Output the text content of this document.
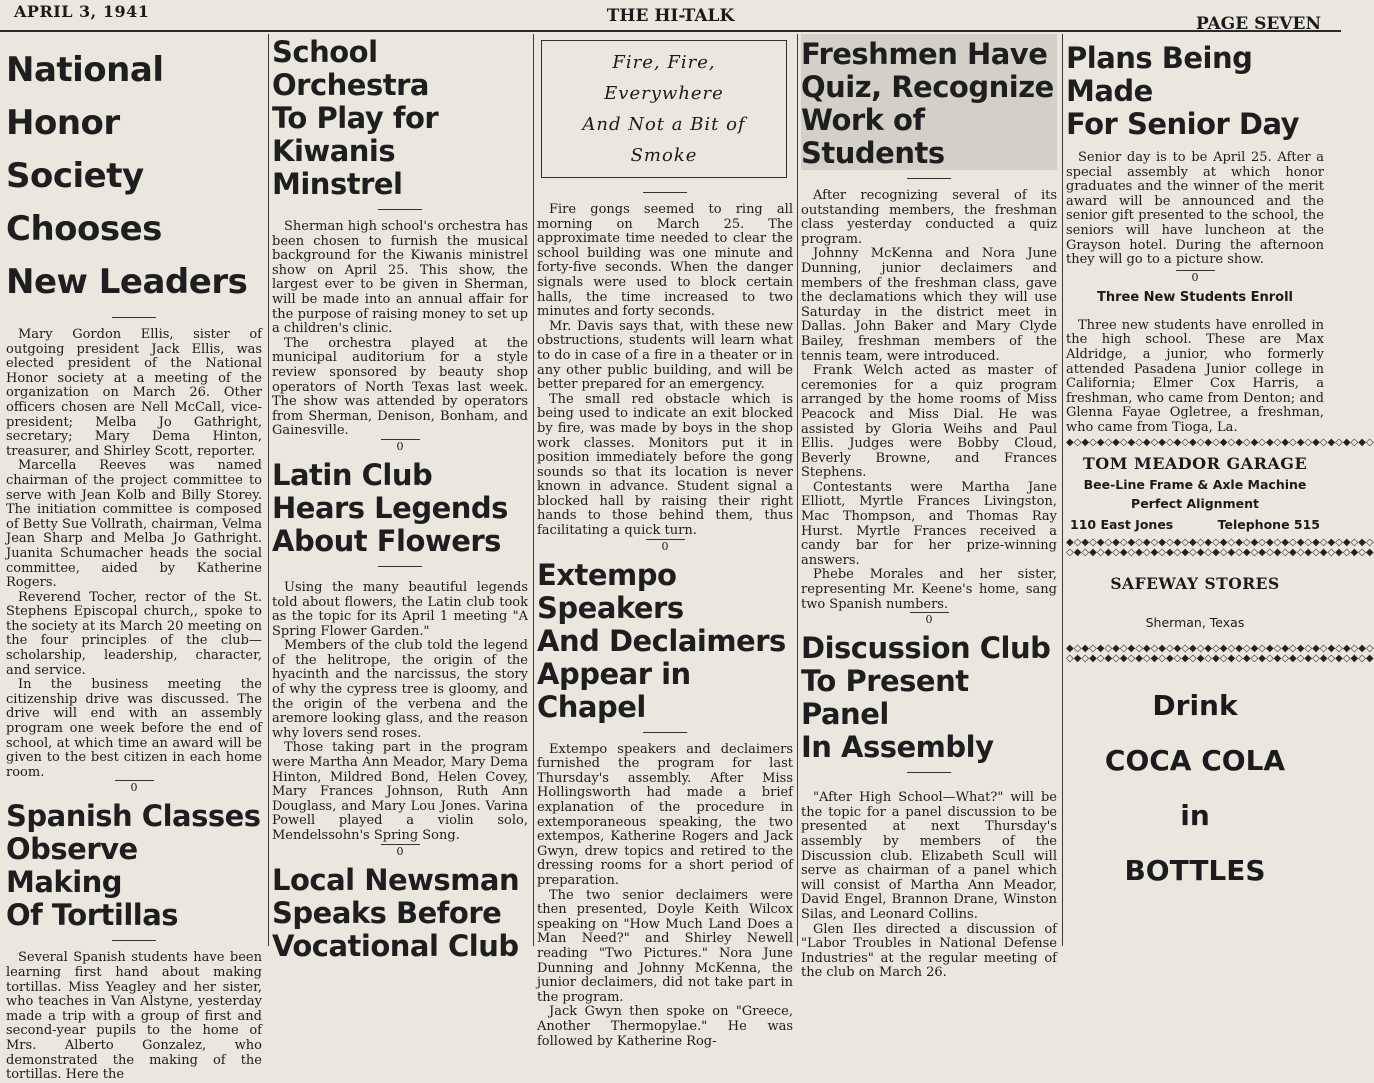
APRIL 3, 1941	THE HI-TALK	PAGE SEVEN
National Honor
Society Chooses
New Leaders

Mary Gordon Ellis, sister of outgoing president Jack Ellis, was elected president of the National Honor society at a meeting of the organization on March 26. Other officers chosen are Nell McCall, vice-president; Melba Jo Gathright, secretary; Mary Dema Hinton, treasurer, and Shirley Scott, reporter.

Marcella Reeves was named chairman of the project committee to serve with Jean Kolb and Billy Storey. The initiation committee is composed of Betty Sue Vollrath, chairman, Velma Jean Sharp and Melba Jo Gathright. Juanita Schumacher heads the social committee, aided by Katherine Rogers.

Reverend Tocher, rector of the St. Stephens Episcopal church,, spoke to the society at its March 20 meeting on the four principles of the club—scholarship, leadership, character, and service.

In the business meeting the citizenship drive was discussed. The drive will end with an assembly program one week before the end of school, at which time an award will be given to the best citizen in each home room.

0
Spanish Classes
Observe Making
Of Tortillas

Several Spanish students have been learning first hand about making tortillas. Miss Yeagley and her sister, who teaches in Van Alstyne, yesterday made a trip with a group of first and second-year pupils to the home of Mrs. Alberto Gonzalez, who demonstrated the making of the tortillas. Here the

School Orchestra
To Play for
Kiwanis Minstrel

Sherman high school's orchestra has been chosen to furnish the musical background for the Kiwanis ministrel show on April 25. This show, the largest ever to be given in Sherman, will be made into an annual affair for the purpose of raising money to set up a children's clinic.

The orchestra played at the municipal auditorium for a style review sponsored by beauty shop operators of North Texas last week. The show was attended by operators from Sherman, Denison, Bonham, and Gainesville.

0
Latin Club
Hears Legends
About Flowers

Using the many beautiful legends told about flowers, the Latin club took as the topic for its April 1 meeting "A Spring Flower Garden."

Members of the club told the legend of the helitrope, the origin of the hyacinth and the narcissus, the story of why the cypress tree is gloomy, and the origin of the verbena and the aremore looking glass, and the reason why lovers send roses.

Those taking part in the program were Martha Ann Meador, Mary Dema Hinton, Mildred Bond, Helen Covey, Mary Frances Johnson, Ruth Ann Douglass, and Mary Lou Jones. Varina Powell played a violin solo, Mendelssohn's Spring Song.

0
Local Newsman
Speaks Before
Vocational Club
Fire, Fire, Everywhere
And Not a Bit of Smoke

Fire gongs seemed to ring all morning on March 25. The approximate time needed to clear the school building was one minute and forty-five seconds. When the danger signals were used to block certain halls, the time increased to two minutes and forty seconds.

Mr. Davis says that, with these new obstructions, students will learn what to do in case of a fire in a theater or in any other public building, and will be better prepared for an emergency.

The small red obstacle which is being used to indicate an exit blocked by fire, was made by boys in the shop work classes. Monitors put it in position immediately before the gong sounds so that its location is never known in advance. Student signal a blocked hall by raising their right hands to those behind them, thus facilitating a quick turn.

0
Extempo Speakers
And Declaimers
Appear in Chapel

Extempo speakers and declaimers furnished the program for last Thursday's assembly. After Miss Hollingsworth had made a brief explanation of the procedure in extemporaneous speaking, the two extempos, Katherine Rogers and Jack Gwyn, drew topics and retired to the dressing rooms for a short period of preparation.

The two senior declaimers were then presented, Doyle Keith Wilcox speaking on "How Much Land Does a Man Need?" and Shirley Newell reading "Two Pictures." Nora June Dunning and Johnny McKenna, the junior declaimers, did not take part in the program.

Jack Gwyn then spoke on "Greece, Another Thermopylae." He was followed by Katherine Rog-

Freshmen Have
Quiz, Recognize
Work of Students

After recognizing several of its outstanding members, the freshman class yesterday conducted a quiz program.

Johnny McKenna and Nora June Dunning, junior declaimers and members of the freshman class, gave the declamations which they will use Saturday in the district meet in Dallas. John Baker and Mary Clyde Bailey, freshman members of the tennis team, were introduced.

Frank Welch acted as master of ceremonies for a quiz program arranged by the home rooms of Miss Peacock and Miss Dial. He was assisted by Gloria Weihs and Paul Ellis. Judges were Bobby Cloud, Beverly Browne, and Frances Stephens.

Contestants were Martha Jane Elliott, Myrtle Frances Livingston, Mac Thompson, and Thomas Ray Hurst. Myrtle Frances received a candy bar for her prize-winning answers.

Phebe Morales and her sister, representing Mr. Keene's home, sang two Spanish numbers.

0
Discussion Club
To Present Panel
In Assembly

"After High School—What?" will be the topic for a panel discussion to be presented at next Thursday's assembly by members of the Discussion club. Elizabeth Scull will serve as chairman of a panel which will consist of Martha Ann Meador, David Engel, Brannon Drane, Winston Silas, and Leonard Collins.

Glen Iles directed a discussion of "Labor Troubles in National Defense Industries" at the regular meeting of the club on March 26.

Plans Being Made
For Senior Day

Senior day is to be April 25. After a special assembly at which honor graduates and the winner of the merit award will be announced and the senior gift presented to the school, the seniors will have luncheon at the Grayson hotel. During the afternoon they will go to a picture show.

0
Three New Students Enroll

Three new students have enrolled in the high school. These are Max Aldridge, a junior, who formerly attended Pasadena Junior college in California; Elmer Cox Harris, a freshman, who came from Denton; and Glenna Fayae Ogletree, a freshman, who came from Tioga, La.

◆◇◆◇◆◇◆◇◆◇◆◇◆◇◆◇◆◇◆◇◆◇◆◇◆◇◆◇◆◇◆◇◆◇◆◇◆◇◆◇
TOM MEADOR GARAGE
Bee-Line Frame & Axle Machine
Perfect Alignment
110 East Jones	Telephone 515
◆◇◆◇◆◇◆◇◆◇◆◇◆◇◆◇◆◇◆◇◆◇◆◇◆◇◆◇◆◇◆◇◆◇◆◇◆◇◆◇
◇◆◇◆◇◆◇◆◇◆◇◆◇◆◇◆◇◆◇◆◇◆◇◆◇◆◇◆◇◆◇◆◇◆◇◆◇◆◇◆
SAFEWAY STORES
Sherman, Texas
◆◇◆◇◆◇◆◇◆◇◆◇◆◇◆◇◆◇◆◇◆◇◆◇◆◇◆◇◆◇◆◇◆◇◆◇◆◇◆◇
◇◆◇◆◇◆◇◆◇◆◇◆◇◆◇◆◇◆◇◆◇◆◇◆◇◆◇◆◇◆◇◆◇◆◇◆◇◆◇◆
Drink
COCA COLA
in
BOTTLES
